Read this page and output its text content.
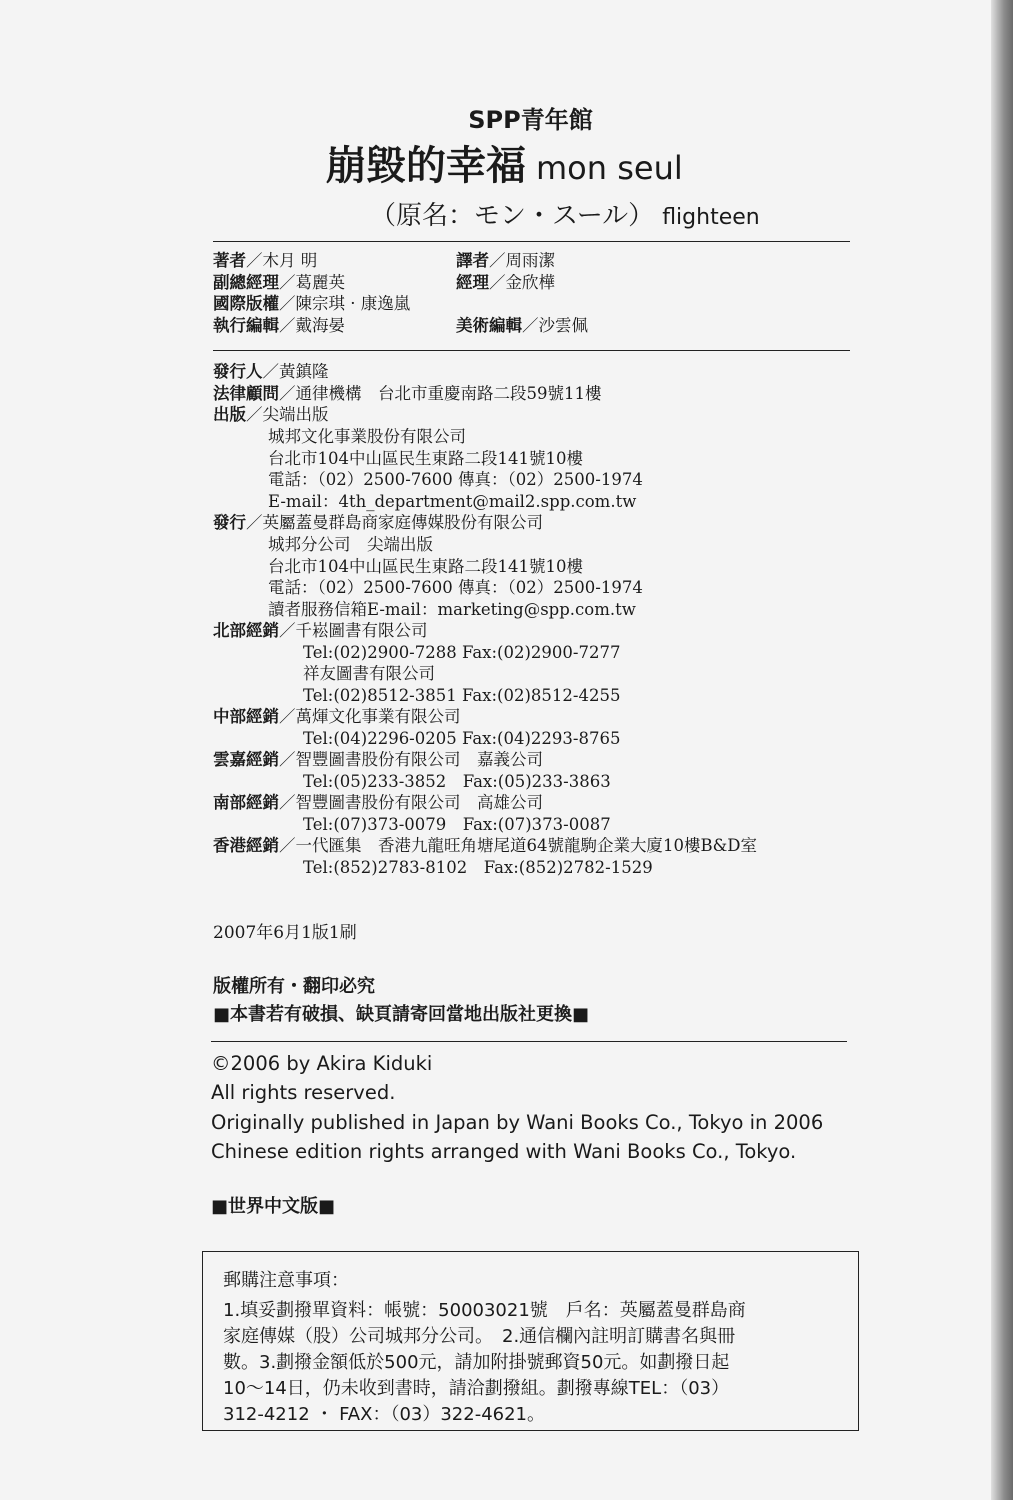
SPP青年館
崩毀的幸福 mon seul
（原名：モン・スール） flighteen
著者／木月 明	譯者／周雨潔
副總經理／葛麗英	經理／金欣樺
國際版權／陳宗琪 · 康逸嵐
執行編輯／戴海晏	美術編輯／沙雲佩
發行人／黃鎮隆
法律顧問／通律機構　台北市重慶南路二段59號11樓
出版／尖端出版
城邦文化事業股份有限公司
台北市104中山區民生東路二段141號10樓
電話：（02）2500-7600 傳真：（02）2500-1974
E-mail：4th_department@mail2.spp.com.tw
發行／英屬蓋曼群島商家庭傳媒股份有限公司
城邦分公司　尖端出版
台北市104中山區民生東路二段141號10樓
電話：（02）2500-7600 傳真：（02）2500-1974
讀者服務信箱E-mail：marketing@spp.com.tw
北部經銷／千崧圖書有限公司
Tel:(02)2900-7288 Fax:(02)2900-7277
祥友圖書有限公司
Tel:(02)8512-3851 Fax:(02)8512-4255
中部經銷／萬煇文化事業有限公司
Tel:(04)2296-0205 Fax:(04)2293-8765
雲嘉經銷／智豐圖書股份有限公司　嘉義公司
Tel:(05)233-3852　Fax:(05)233-3863
南部經銷／智豐圖書股份有限公司　高雄公司
Tel:(07)373-0079　Fax:(07)373-0087
香港經銷／一代匯集　香港九龍旺角塘尾道64號龍駒企業大廈10樓B&D室
Tel:(852)2783-8102　Fax:(852)2782-1529
2007年6月1版1刷
版權所有・翻印必究
■本書若有破損、缺頁請寄回當地出版社更換■
©2006 by Akira Kiduki
All rights reserved.
Originally published in Japan by Wani Books Co., Tokyo in 2006
Chinese edition rights arranged with Wani Books Co., Tokyo.
■世界中文版■
郵購注意事項：
1.填妥劃撥單資料：帳號：50003021號　戶名：英屬蓋曼群島商
家庭傳媒（股）公司城邦分公司。　2.通信欄內註明訂購書名與冊
數。3.劃撥金額低於500元，請加附掛號郵資50元。如劃撥日起
10～14日，仍未收到書時，請洽劃撥組。劃撥專線TEL：（03）
312-4212 ・ FAX：（03）322-4621。
